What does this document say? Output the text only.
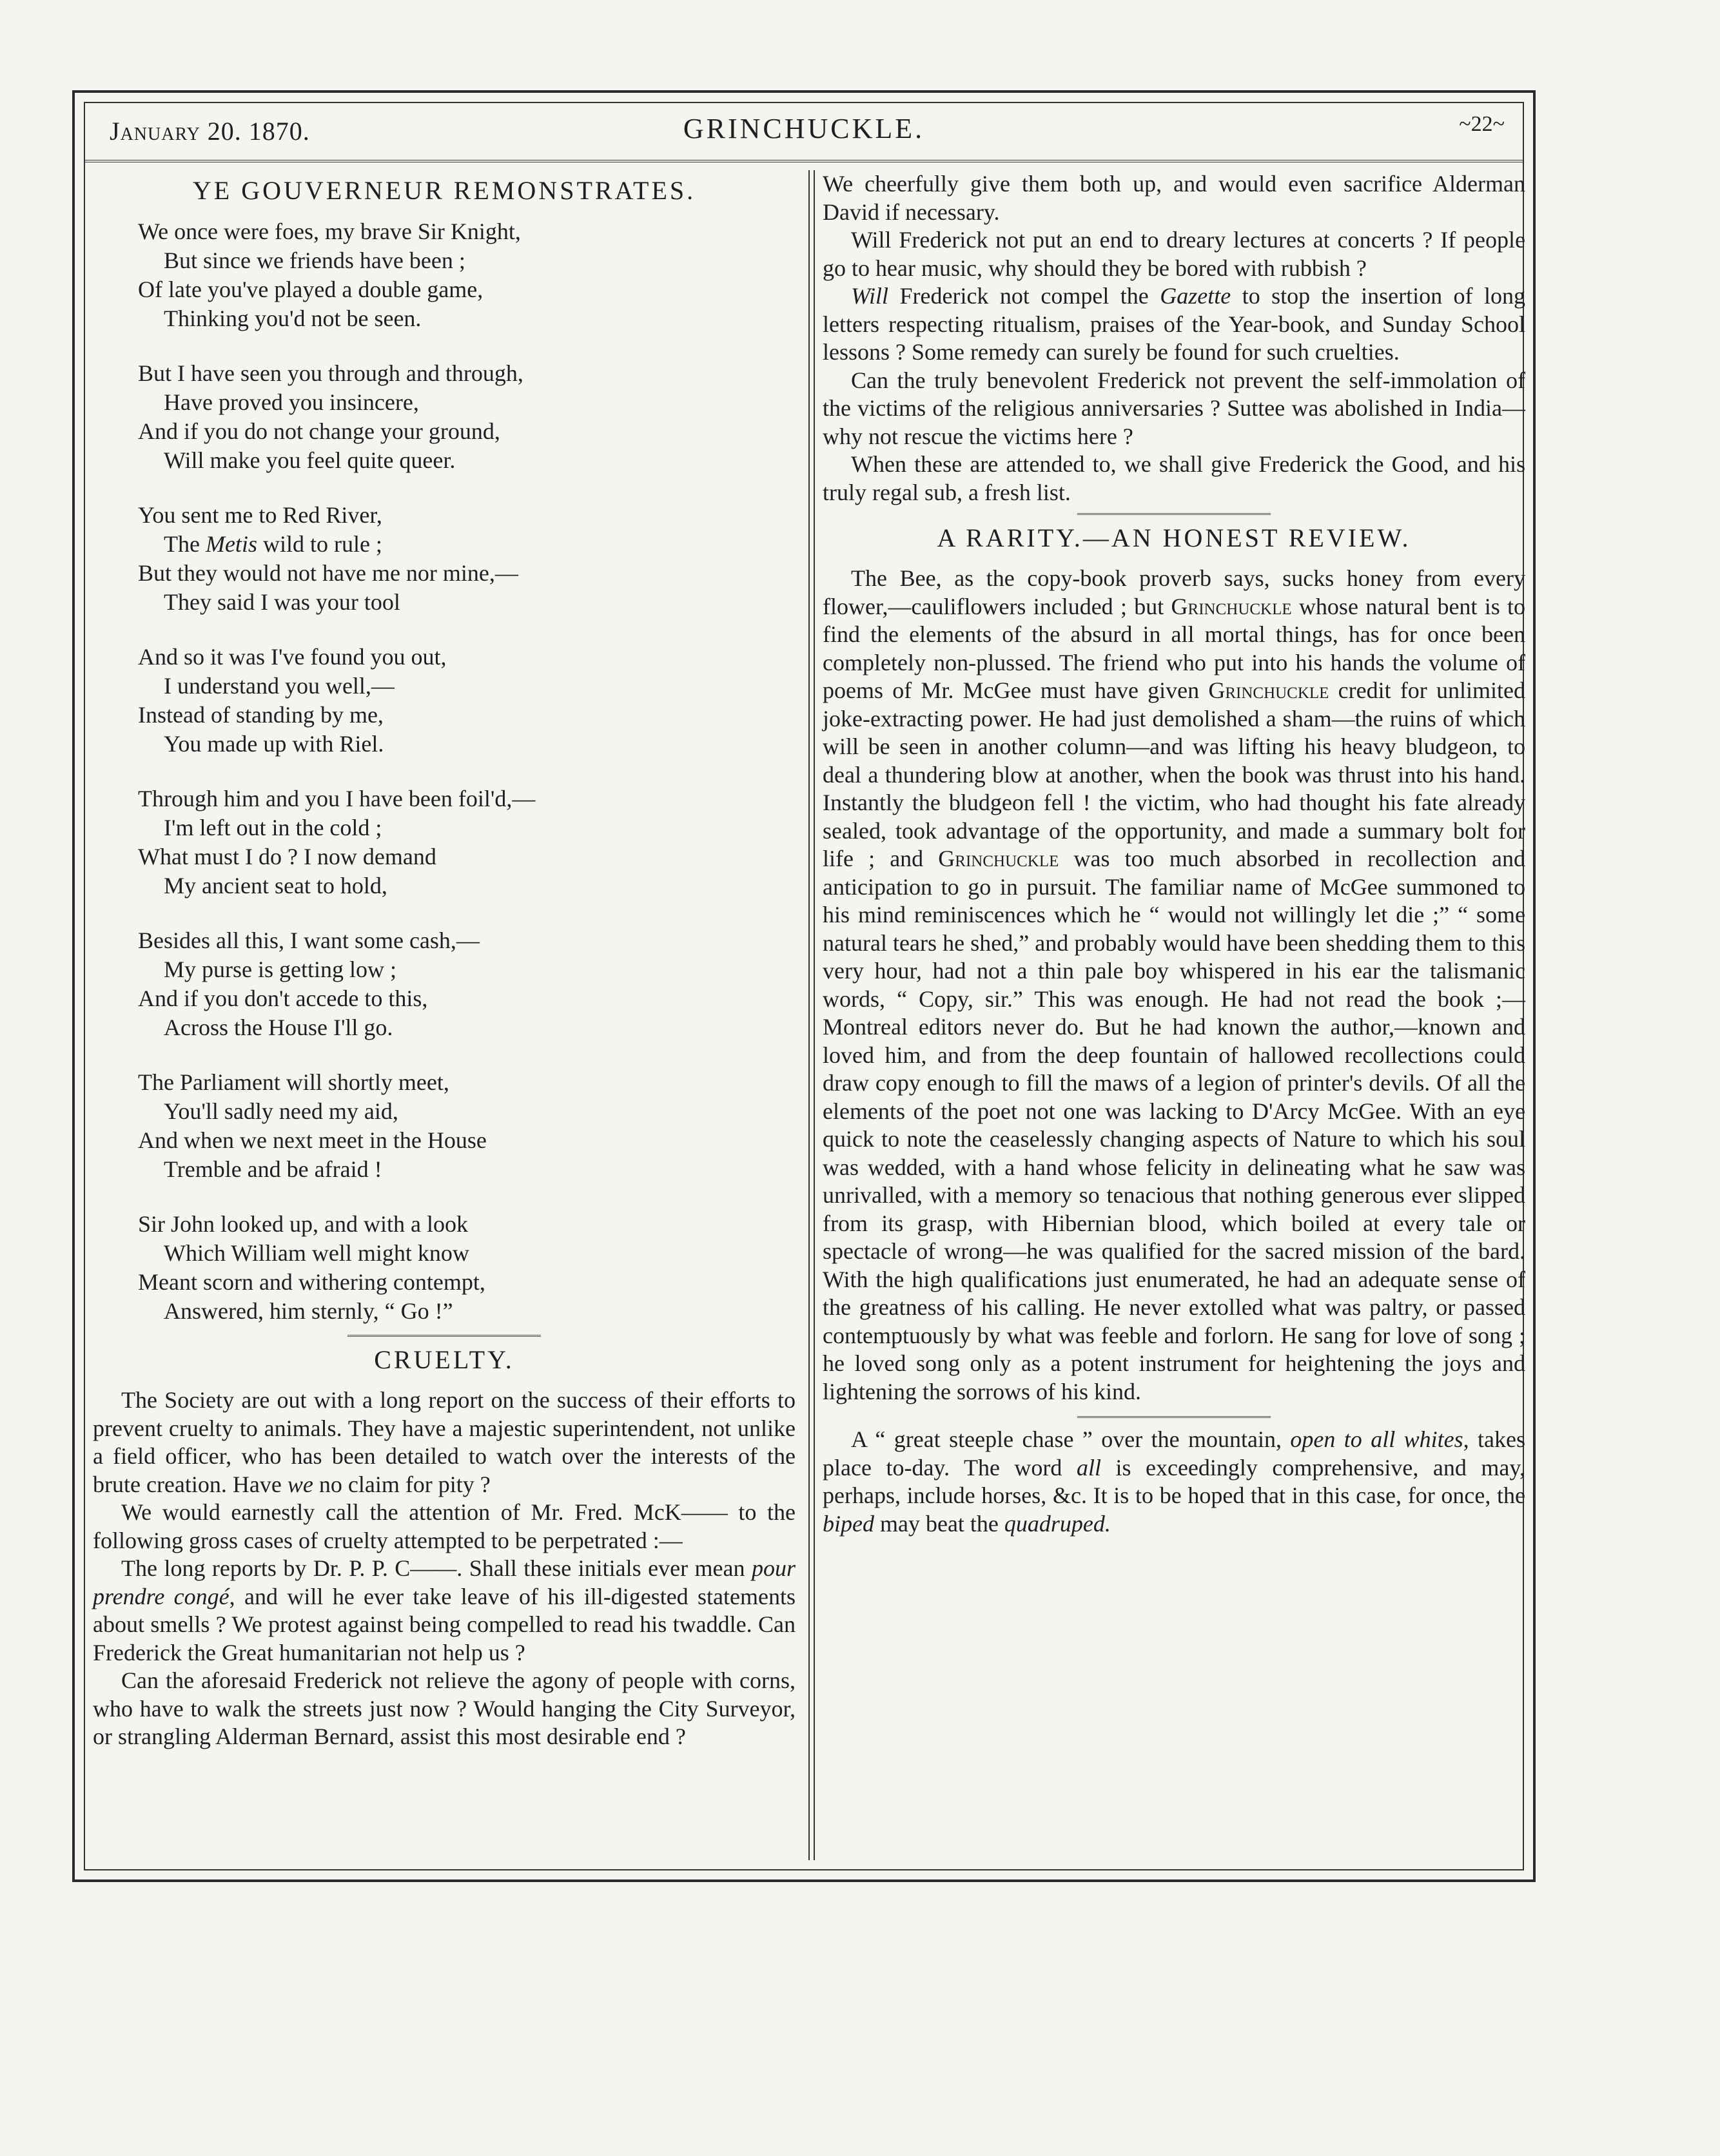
January 20. 1870.	GRINCHUCKLE.	~22~
YE GOUVERNEUR REMONSTRATES.
We once were foes, my brave Sir Knight,
But since we friends have been ;
Of late you've played a double game,
Thinking you'd not be seen.
But I have seen you through and through,
Have proved you insincere,
And if you do not change your ground,
Will make you feel quite queer.
You sent me to Red River,
The Metis wild to rule ;
But they would not have me nor mine,—
They said I was your tool
And so it was I've found you out,
I understand you well,—
Instead of standing by me,
You made up with Riel.
Through him and you I have been foil'd,—
I'm left out in the cold ;
What must I do ? I now demand
My ancient seat to hold,
Besides all this, I want some cash,—
My purse is getting low ;
And if you don't accede to this,
Across the House I'll go.
The Parliament will shortly meet,
You'll sadly need my aid,
And when we next meet in the House
Tremble and be afraid !
Sir John looked up, and with a look
Which William well might know
Meant scorn and withering contempt,
Answered, him sternly, “ Go !”
CRUELTY.

The Society are out with a long report on the success of their efforts to prevent cruelty to animals. They have a majestic superintendent, not unlike a field officer, who has been detailed to watch over the interests of the brute creation. Have we no claim for pity ?

We would earnestly call the attention of Mr. Fred. McK—— to the following gross cases of cruelty attempted to be perpetrated :—

The long reports by Dr. P. P. C——. Shall these initials ever mean pour prendre congé, and will he ever take leave of his ill-digested statements about smells ? We protest against being compelled to read his twaddle. Can Frederick the Great humanitarian not help us ?

Can the aforesaid Frederick not relieve the agony of people with corns, who have to walk the streets just now ? Would hanging the City Surveyor, or strangling Alderman Bernard, assist this most desirable end ?

We cheerfully give them both up, and would even sacrifice Alderman David if necessary.

Will Frederick not put an end to dreary lectures at concerts ? If people go to hear music, why should they be bored with rubbish ?

Will Frederick not compel the Gazette to stop the insertion of long letters respecting ritualism, praises of the Year-book, and Sunday School lessons ? Some remedy can surely be found for such cruelties.

Can the truly benevolent Frederick not prevent the self-immolation of the victims of the religious anniversaries ? Suttee was abolished in India—why not rescue the victims here ?

When these are attended to, we shall give Frederick the Good, and his truly regal sub, a fresh list.

A RARITY.—AN HONEST REVIEW.

The Bee, as the copy-book proverb says, sucks honey from every flower,—cauliflowers included ; but Grinchuckle whose natural bent is to find the elements of the absurd in all mortal things, has for once been completely non-plussed. The friend who put into his hands the volume of poems of Mr. McGee must have given Grinchuckle credit for unlimited joke-extracting power. He had just demolished a sham—the ruins of which will be seen in another column—and was lifting his heavy bludgeon, to deal a thundering blow at another, when the book was thrust into his hand. Instantly the bludgeon fell ! the victim, who had thought his fate already sealed, took advantage of the opportunity, and made a summary bolt for life ; and Grinchuckle was too much absorbed in recollection and anticipation to go in pursuit. The familiar name of McGee summoned to his mind reminiscences which he “ would not willingly let die ;” “ some natural tears he shed,” and probably would have been shedding them to this very hour, had not a thin pale boy whispered in his ear the talismanic words, “ Copy, sir.” This was enough. He had not read the book ;—Montreal editors never do. But he had known the author,—known and loved him, and from the deep fountain of hallowed recollections could draw copy enough to fill the maws of a legion of printer's devils. Of all the elements of the poet not one was lacking to D'Arcy McGee. With an eye quick to note the ceaselessly changing aspects of Nature to which his soul was wedded, with a hand whose felicity in delineating what he saw was unrivalled, with a memory so tenacious that nothing generous ever slipped from its grasp, with Hibernian blood, which boiled at every tale or spectacle of wrong—he was qualified for the sacred mission of the bard. With the high qualifications just enumerated, he had an adequate sense of the greatness of his calling. He never extolled what was paltry, or passed contemptuously by what was feeble and forlorn. He sang for love of song ; he loved song only as a potent instrument for heightening the joys and lightening the sorrows of his kind.

A “ great steeple chase ” over the mountain, open to all whites, takes place to-day. The word all is exceedingly comprehensive, and may, perhaps, include horses, &c. It is to be hoped that in this case, for once, the biped may beat the quadruped.
